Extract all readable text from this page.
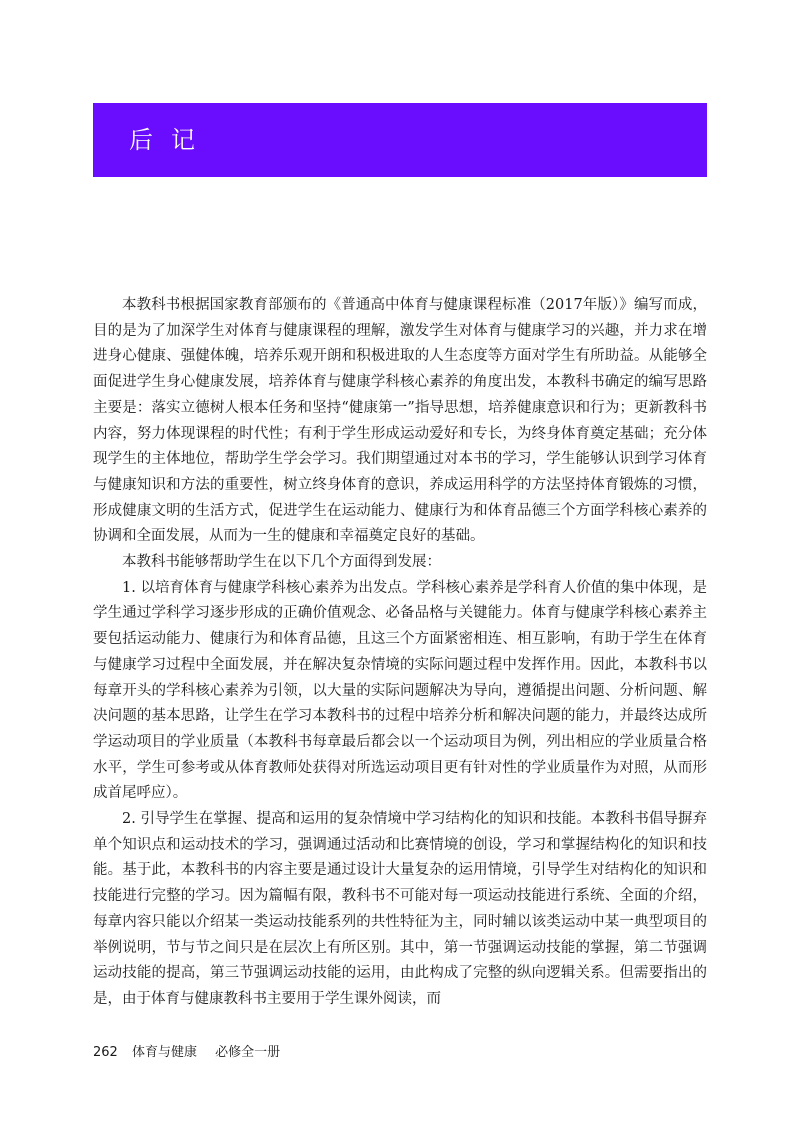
后记

本教科书根据国家教育部颁布的《普通高中体育与健康课程标准（2017年版）》编写而成，目的是为了加深学生对体育与健康课程的理解，激发学生对体育与健康学习的兴趣，并力求在增进身心健康、强健体魄，培养乐观开朗和积极进取的人生态度等方面对学生有所助益。从能够全面促进学生身心健康发展，培养体育与健康学科核心素养的角度出发，本教科书确定的编写思路主要是：落实立德树人根本任务和坚持“健康第一”指导思想，培养健康意识和行为；更新教科书内容，努力体现课程的时代性；有利于学生形成运动爱好和专长，为终身体育奠定基础；充分体现学生的主体地位，帮助学生学会学习。我们期望通过对本书的学习，学生能够认识到学习体育与健康知识和方法的重要性，树立终身体育的意识，养成运用科学的方法坚持体育锻炼的习惯，形成健康文明的生活方式，促进学生在运动能力、健康行为和体育品德三个方面学科核心素养的协调和全面发展，从而为一生的健康和幸福奠定良好的基础。

本教科书能够帮助学生在以下几个方面得到发展：

1. 以培育体育与健康学科核心素养为出发点。学科核心素养是学科育人价值的集中体现，是学生通过学科学习逐步形成的正确价值观念、必备品格与关键能力。体育与健康学科核心素养主要包括运动能力、健康行为和体育品德，且这三个方面紧密相连、相互影响，有助于学生在体育与健康学习过程中全面发展，并在解决复杂情境的实际问题过程中发挥作用。因此，本教科书以每章开头的学科核心素养为引领，以大量的实际问题解决为导向，遵循提出问题、分析问题、解决问题的基本思路，让学生在学习本教科书的过程中培养分析和解决问题的能力，并最终达成所学运动项目的学业质量（本教科书每章最后都会以一个运动项目为例，列出相应的学业质量合格水平，学生可参考或从体育教师处获得对所选运动项目更有针对性的学业质量作为对照，从而形成首尾呼应）。

2. 引导学生在掌握、提高和运用的复杂情境中学习结构化的知识和技能。本教科书倡导摒弃单个知识点和运动技术的学习，强调通过活动和比赛情境的创设，学习和掌握结构化的知识和技能。基于此，本教科书的内容主要是通过设计大量复杂的运用情境，引导学生对结构化的知识和技能进行完整的学习。因为篇幅有限，教科书不可能对每一项运动技能进行系统、全面的介绍，每章内容只能以介绍某一类运动技能系列的共性特征为主，同时辅以该类运动中某一典型项目的举例说明，节与节之间只是在层次上有所区别。其中，第一节强调运动技能的掌握，第二节强调运动技能的提高，第三节强调运动技能的运用，由此构成了完整的纵向逻辑关系。但需要指出的是，由于体育与健康教科书主要用于学生课外阅读，而

262 体育与健康 必修全一册
